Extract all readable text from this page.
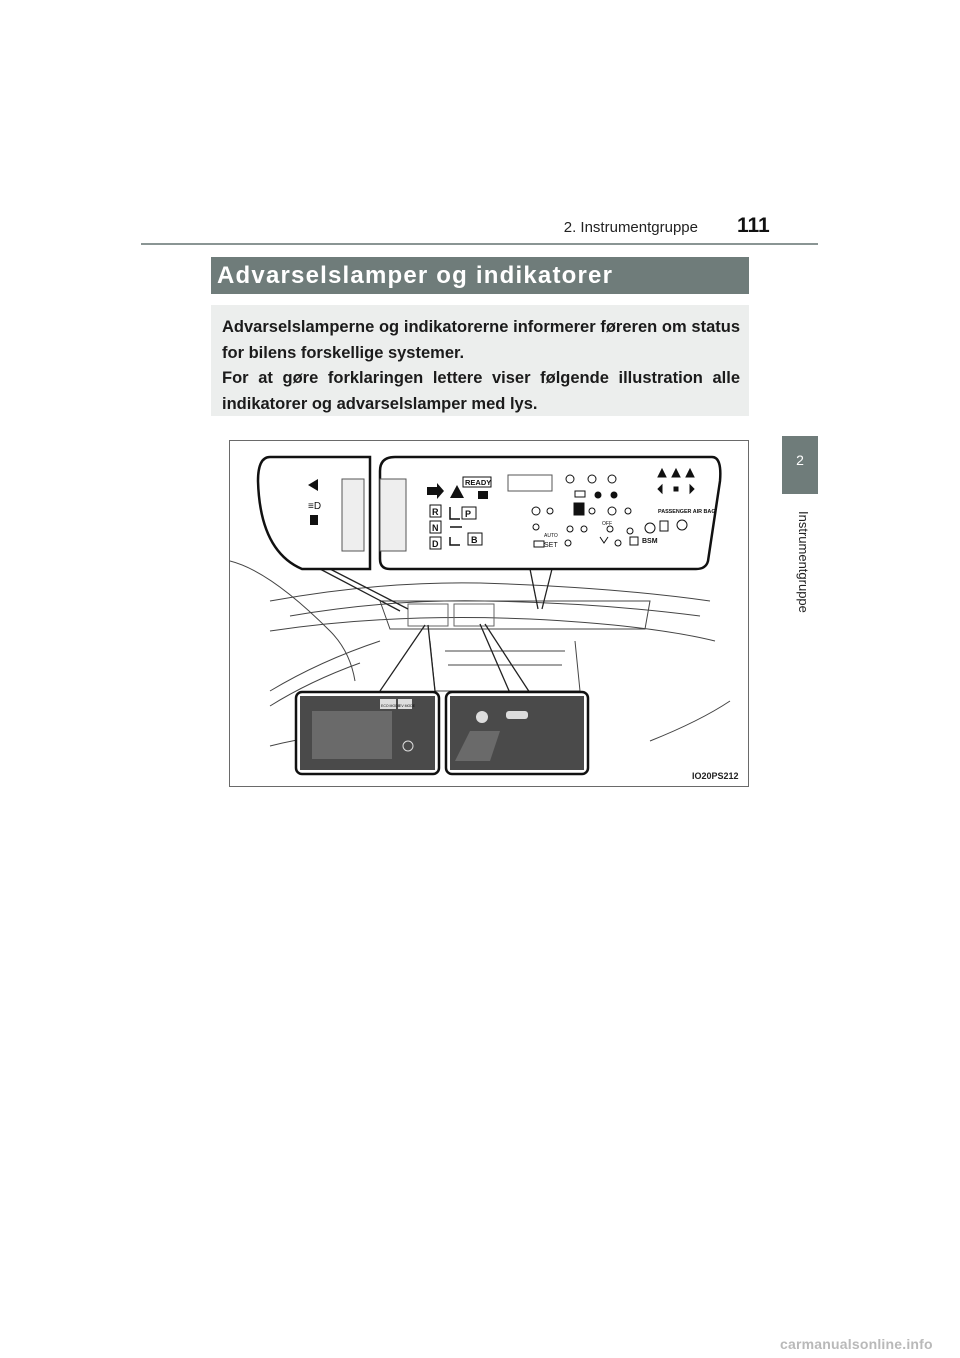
2. Instrumentgruppe 111
2
Instrumentgruppe
Advarselslamper og indikatorer

Advarselslamperne og indikatorerne informerer føreren om status for bilens forskellige systemer.

For at gøre forklaringen lettere viser følgende illustration alle indikatorer og advarselslamper med lys.

≡D
READY
R
N
D
P
B	AUTO
OFF
SET
PASSENGER AIR BAG
BSM
ECO MODE
EV MODE
IO20PS212
carmanualsonline.info
